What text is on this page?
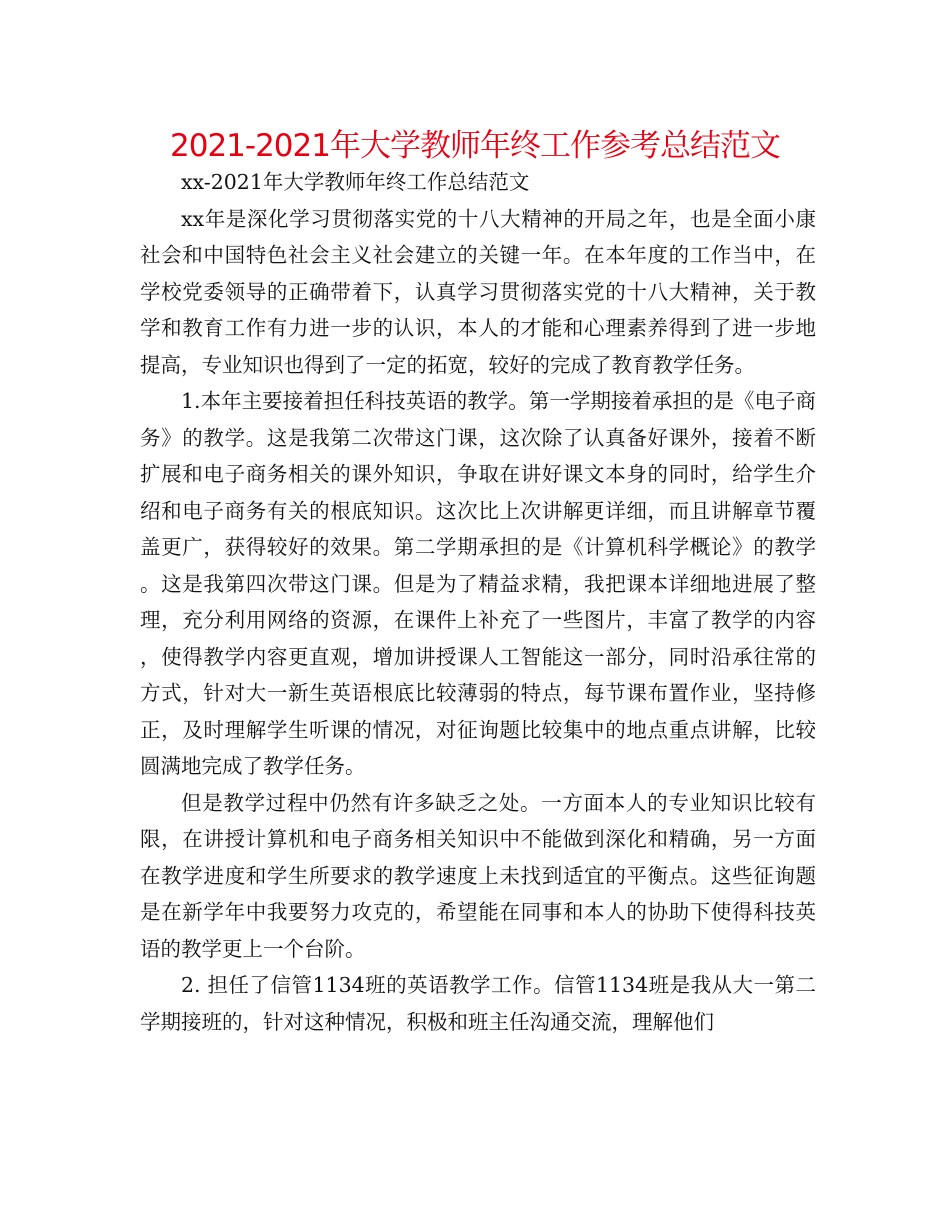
2021-2021年大学教师年终工作参考总结范文

xx-2021年大学教师年终工作总结范文

xx年是深化学习贯彻落实党的十八大精神的开局之年，也是全面小康社会和中国特色社会主义社会建立的关键一年。在本年度的工作当中，在学校党委领导的正确带着下，认真学习贯彻落实党的十八大精神，关于教学和教育工作有力进一步的认识，本人的才能和心理素养得到了进一步地提高，专业知识也得到了一定的拓宽，较好的完成了教育教学任务。

1.本年主要接着担任科技英语的教学。第一学期接着承担的是《电子商务》的教学。这是我第二次带这门课，这次除了认真备好课外，接着不断扩展和电子商务相关的课外知识，争取在讲好课文本身的同时，给学生介绍和电子商务有关的根底知识。这次比上次讲解更详细，而且讲解章节覆盖更广，获得较好的效果。第二学期承担的是《计算机科学概论》的教学。这是我第四次带这门课。但是为了精益求精，我把课本详细地进展了整理，充分利用网络的资源，在课件上补充了一些图片，丰富了教学的内容，使得教学内容更直观，增加讲授课人工智能这一部分，同时沿承往常的方式，针对大一新生英语根底比较薄弱的特点，每节课布置作业，坚持修正，及时理解学生听课的情况，对征询题比较集中的地点重点讲解，比较圆满地完成了教学任务。

但是教学过程中仍然有许多缺乏之处。一方面本人的专业知识比较有限，在讲授计算机和电子商务相关知识中不能做到深化和精确，另一方面在教学进度和学生所要求的教学速度上未找到适宜的平衡点。这些征询题是在新学年中我要努力攻克的，希望能在同事和本人的协助下使得科技英语的教学更上一个台阶。

2. 担任了信管1134班的英语教学工作。信管1134班是我从大一第二学期接班的，针对这种情况，积极和班主任沟通交流，理解他们
